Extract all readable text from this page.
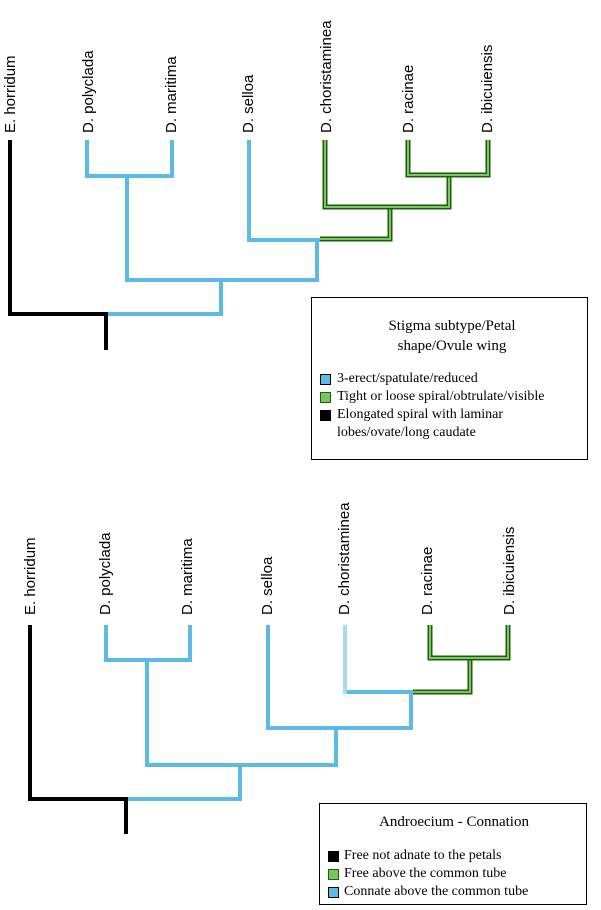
E. horridum	D. polyclada	D. maritima	D. selloa	D. choristaminea	D. racinae	D. ibicuiensis
E. horridum	D. polyclada	D. maritima	D. selloa	D. choristaminea	D. racinae	D. ibicuiensis
Stigma subtype/Petal shape/Ovule wing
3-erect/spatulate/reduced
Tight or loose spiral/obtrulate/visible
Elongated spiral with laminar lobes/ovate/long caudate
Androecium - Connation
Free not adnate to the petals
Free above the common tube
Connate above the common tube
